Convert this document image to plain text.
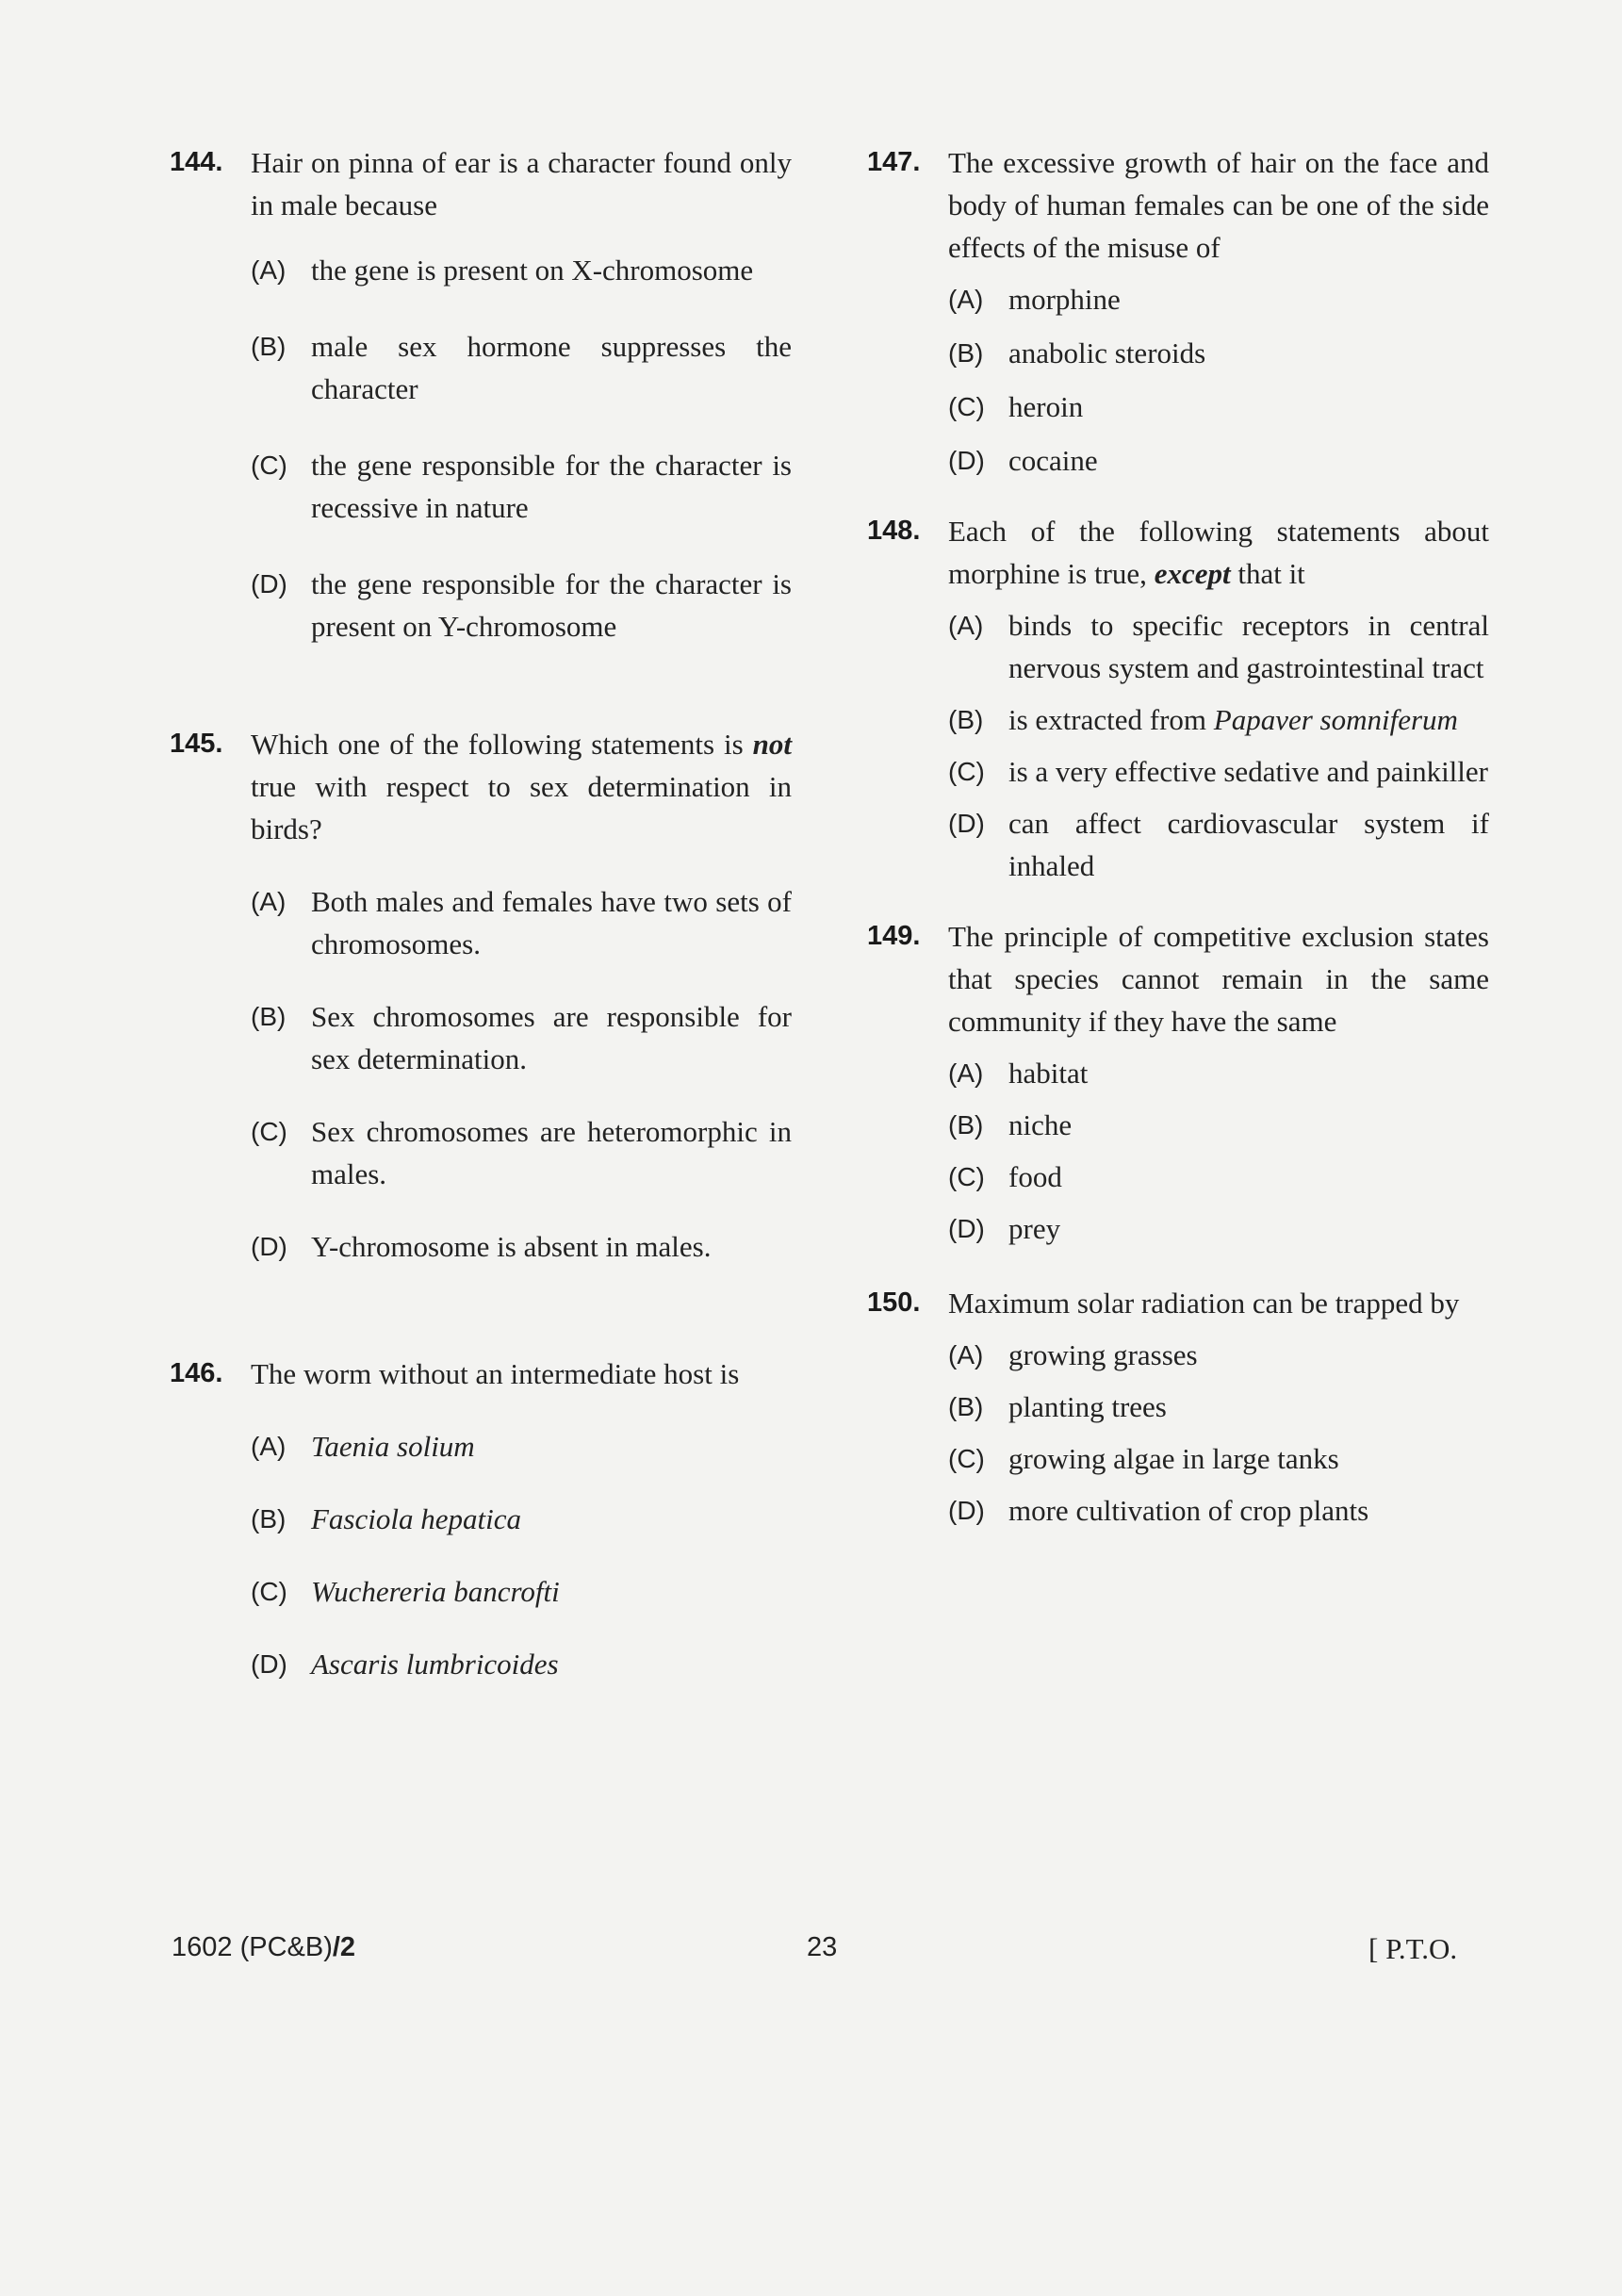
144. Hair on pinna of ear is a character found only in male because
(A) the gene is present on X-chromosome
(B) male sex hormone suppresses the character
(C) the gene responsible for the character is recessive in nature
(D) the gene responsible for the character is present on Y-chromosome
145. Which one of the following statements is not true with respect to sex determination in birds?
(A) Both males and females have two sets of chromosomes.
(B) Sex chromosomes are responsible for sex determination.
(C) Sex chromosomes are heteromorphic in males.
(D) Y-chromosome is absent in males.
146. The worm without an intermediate host is
(A) Taenia solium
(B) Fasciola hepatica
(C) Wuchereria bancrofti
(D) Ascaris lumbricoides
147. The excessive growth of hair on the face and body of human females can be one of the side effects of the misuse of
(A) morphine
(B) anabolic steroids
(C) heroin
(D) cocaine
148. Each of the following statements about morphine is true, except that it
(A) binds to specific receptors in central nervous system and gastrointestinal tract
(B) is extracted from Papaver somniferum
(C) is a very effective sedative and painkiller
(D) can affect cardiovascular system if inhaled
149. The principle of competitive exclusion states that species cannot remain in the same community if they have the same
(A) habitat
(B) niche
(C) food
(D) prey
150. Maximum solar radiation can be trapped by
(A) growing grasses
(B) planting trees
(C) growing algae in large tanks
(D) more cultivation of crop plants
1602 (PC&B)/2	23	[ P.T.O.
